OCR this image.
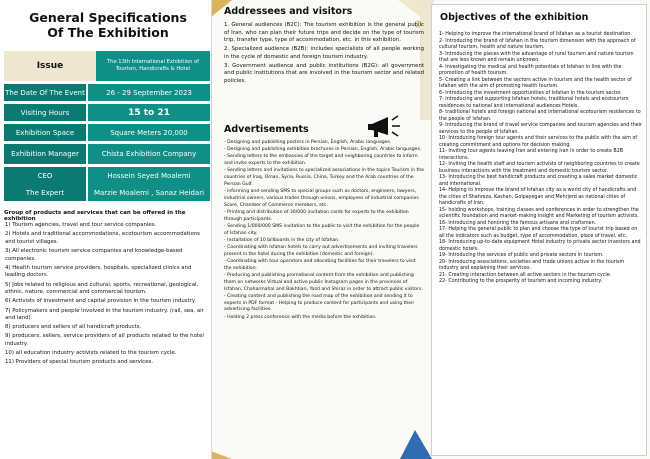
General Specifications
Of The Exhibition
Issue	The 13th International Exhibition of Tourism, Handicrafts & Hotel
The Date Of The Event	26 - 29 September 2023
Visiting Hours	15 to 21
Exhibition Space	Square Meters 20,000
Exhibition Manager	Chista Exhibition Company
CEO	Hossein Seyed Moalemi
The Expert	Marzie Moalemi , Sanaz Heidari
Group of products and services that can be offered in the exhibition
1) Tourism agencies, travel and tour service companies.
2) Hotels and traditional accommodations, ecotourism accommodations and tourist villages.
3) All electronic tourism service companies and knowledge-based companies.
4) Health tourism service providers, hospitals, specialized clinics and leading doctors.
5) Jobs related to religious and cultural, sports, recreational, geological, ethnic, nature, commercial and commercial tourism.
6) Activists of investment and capital provision in the tourism industry.
7) Policymakers and people involved in the tourism industry. (rail, sea, air and land).
8) producers and sellers of all handicraft products.
9) producers, sellers, service providers of all products related to the hotel industry.
10) all education industry activists related to the tourism cycle.
11) Providers of special tourism products and services.
Addressees and visitors

1. General audiences (B2C): The tourism exhibition is the general public of Iran, who can plan their future trips and decide on the type of tourism trip, transfer type, type of accommodation, etc. in this exhibition.

2. Specialized audience (B2B): includes specialists of all people working in the cycle of domestic and foreign tourism industry.

3. Government audience and public institutions (B2G): all government and public institutions that are involved in the tourism sector and related policies.

Advertisements

- Designing and publishing posters in Persian, English, Arabic languages.

- Designing and publishing exhibition brochures in Persian, English, Arabic languages.

- Sending letters to the embassies of the target and neighboring countries to inform and invite experts to the exhibition.

- Sending letters and invitations to specialized associations in the topics Tourism in the countries of Iraq, Oman, Syria, Russia, China, Turkey and the Arab countries of the Persian Gulf.

- informing and sending SMS to special groups such as doctors, engineers, lawyers, industrial owners, various trades through unions, employees of industrial companies Score, Chamber of Commerce members, etc.

- Printing and distribution of 30/000 invitation cards for experts to the exhibition through participants.

- Sending 1/000/000 SMS invitation to the public to visit the exhibition for the people of Isfahan city.

- Installation of 10 billboards in the city of Isfahan.

- Coordinating with Isfahan hotels to carry out advertisements and inviting travelers present in the hotel during the exhibition (domestic and foreign).

- Coordinating with tour operators and allocating facilities for their travelers to visit the exhibition.

- Producing and publishing promotional content from the exhibition and publishing them on networks Virtual and active public Instagram pages in the provinces of Isfahan, Chaharmahal and Bakhtiari, Yazd and Shiraz in order to attract public visitors.

- Creating content and publishing the road map of the exhibition and sending it to experts in PDF format - Helping to produce content for participants and using their advertising facilities.

- Holding 2 press conference with the media before the exhibition.

Objectives of the exhibition
1- Helping to improve the international brand of Isfahan as a tourist destination.
2- Introducing the brand of Isfahan in the tourism dimension with the approach of cultural tourism, health and nature tourism.
3- Introducing the places with the advantage of rural tourism and nature tourism that are less known and remain unknown.
4- Investigating the medical and health potentials of Isfahan in line with the promotion of health tourism.
5- Creating a link between the sectors active in tourism and the health sector of Isfahan with the aim of promoting health tourism.
6- Introducing the investment opportunities of Isfahan in the tourism sector.
7- Introducing and supporting Isfahan hotels, traditional hotels and ecotourism residences to national and international audiences Hotels.
8- traditional hotels and foreign national and international ecotourism residences to the people of Isfahan.
9- Introducing the brand of travel service companies and tourism agencies and their services to the people of Isfahan.
10- Introducing foreign tour agents and their services to the public with the aim of creating commitment and options for decision making.
11- Inviting tour agents leaving Iran and entering Iran in order to create B2B interactions.
12- Inviting the health staff and tourism activists of neighboring countries to create business interactions with the treatment and domestic tourism sector.
13- Introducing the best handicraft products and creating a sales market domestic and international.
14- Helping to improve the brand of Isfahan city as a world city of handicrafts and the cities of Shahreza, Kashan, Golpayegan and Mehrjerd as national cities of handicrafts of Iran.
15- holding workshops, training classes and conferences in order to strengthen the scientific foundation and market-making insight and Marketing of tourism activists.
16- Introducing and honoring the famous artisans and craftsmen.
17- Helping the general public to plan and choose the type of tourist trip based on all the indicators such as budget, type of accommodation, place of travel, etc.
18- Introducing up-to-date equipment Hotel industry to private sector investors and domestic hotels.
19- Introducing the services of public and private sectors in tourism.
20- Introducing associations, societies and trade unions active in the tourism industry and explaining their services.
21- Creating interaction between all active sectors in the tourism cycle.
22- Contributing to the prosperity of tourism and incoming industry.
